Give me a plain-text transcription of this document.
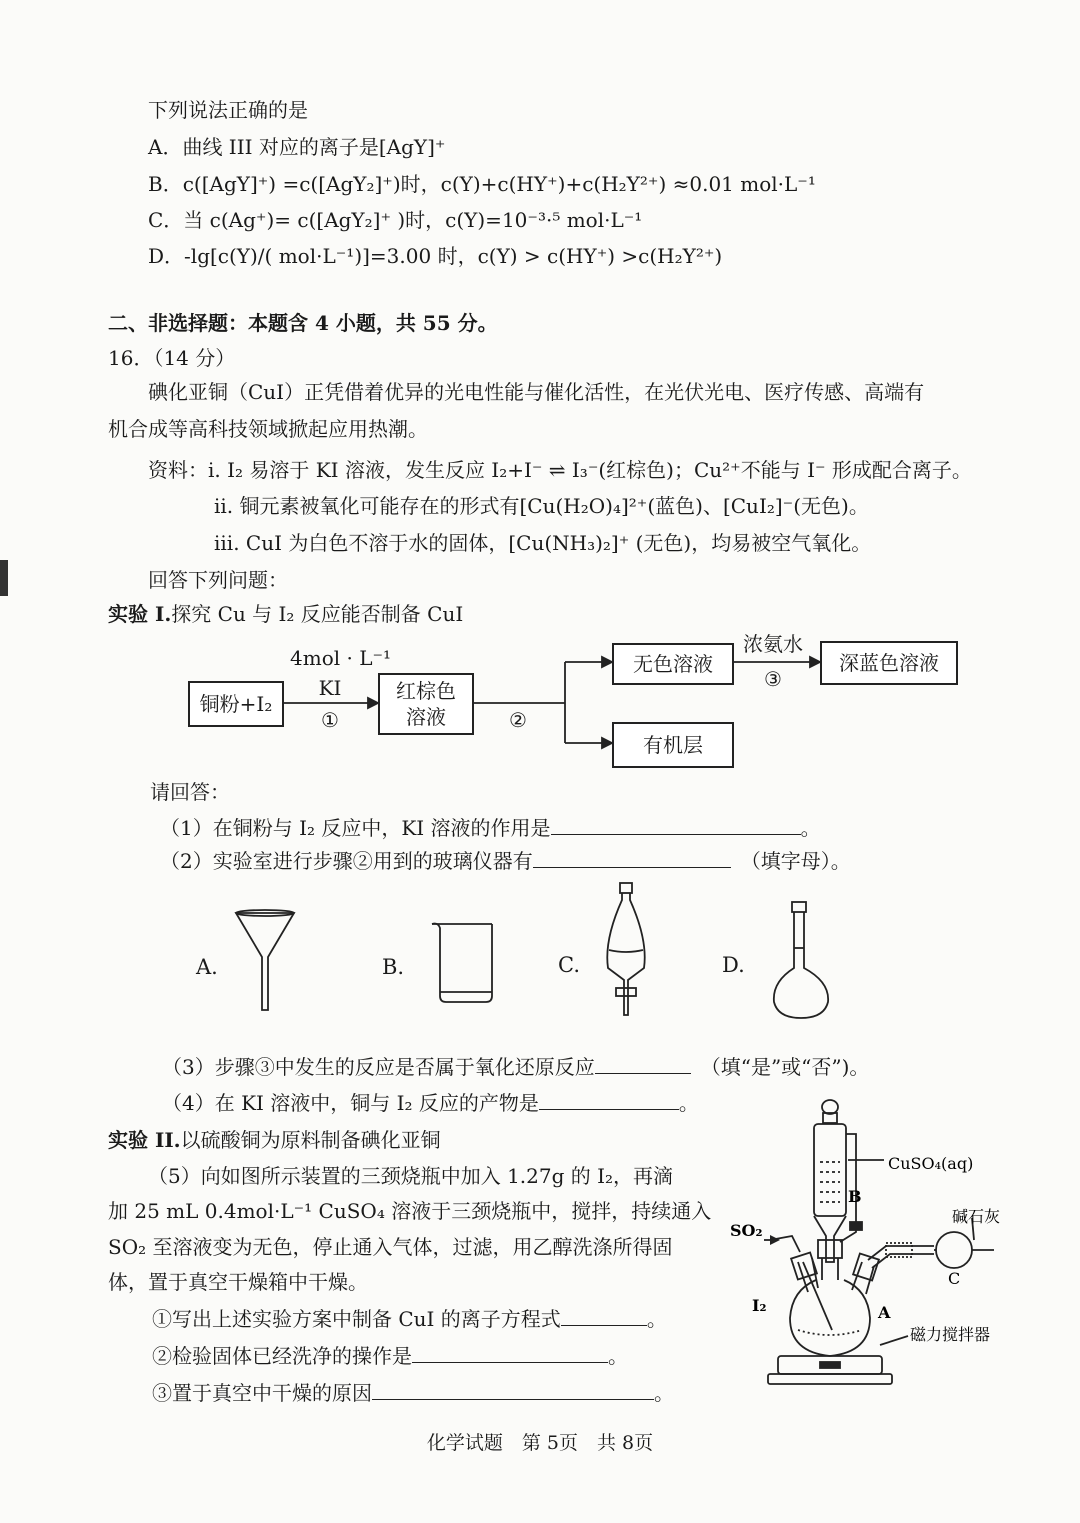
下列说法正确的是
A．曲线 III 对应的离子是[AgY]⁺
B．c([AgY]⁺) =c([AgY₂]⁺)时，c(Y)+c(HY⁺)+c(H₂Y²⁺) ≈0.01 mol·L⁻¹
C．当 c(Ag⁺)= c([AgY₂]⁺ )时，c(Y)=10⁻³·⁵ mol·L⁻¹
D．-lg[c(Y)/( mol·L⁻¹)]=3.00 时，c(Y) > c(HY⁺) >c(H₂Y²⁺)
二、非选择题：本题含 4 小题，共 55 分。
16．（14 分）
碘化亚铜（CuI）正凭借着优异的光电性能与催化活性，在光伏光电、医疗传感、高端有
机合成等高科技领域掀起应用热潮。
资料：i. I₂ 易溶于 KI 溶液，发生反应 I₂+I⁻ ⇌ I₃⁻(红棕色)；Cu²⁺不能与 I⁻ 形成配合离子。
ii. 铜元素被氧化可能存在的形式有[Cu(H₂O)₄]²⁺(蓝色)、[CuI₂]⁻(无色)。
iii. CuI 为白色不溶于水的固体，[Cu(NH₃)₂]⁺ (无色)，均易被空气氧化。
回答下列问题：
实验 I.探究 Cu 与 I₂ 反应能否制备 CuI
铜粉+I₂
4mol · L⁻¹
KI
①
红棕色
溶液	②
无色溶液
浓氨水
③
深蓝色溶液
有机层
请回答：
（1）在铜粉与 I₂ 反应中，KI 溶液的作用是	。
（2）实验室进行步骤②用到的玻璃仪器有	（填字母）。
A.	B.	C.	D.
（3）步骤③中发生的反应是否属于氧化还原反应	（填“是”或“否”)。
（4）在 KI 溶液中，铜与 I₂ 反应的产物是	。
实验 II.以硫酸铜为原料制备碘化亚铜
（5）向如图所示装置的三颈烧瓶中加入 1.27g 的 I₂，再滴
加 25 mL 0.4mol·L⁻¹ CuSO₄ 溶液于三颈烧瓶中，搅拌，持续通入
SO₂ 至溶液变为无色，停止通入气体，过滤，用乙醇洗涤所得固
体，置于真空干燥箱中干燥。
①写出上述实验方案中制备 CuI 的离子方程式	。
②检验固体已经洗净的操作是	。
③置于真空中干燥的原因	。
CuSO₄(aq)
B
SO₂
碱石灰
C
I₂	A
磁力搅拌器
化学试题　第 5页　共 8页
